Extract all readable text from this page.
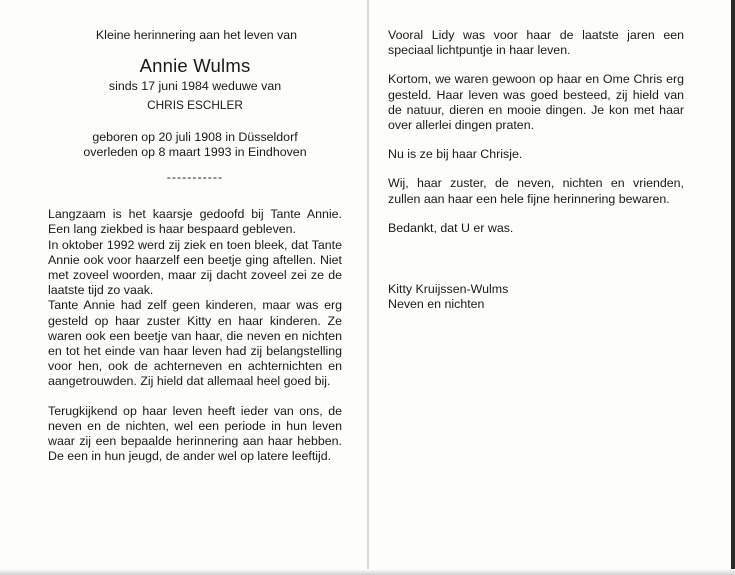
Kleine herinnering aan het leven van

Annie Wulms

sinds 17 juni 1984 weduwe van

CHRIS ESCHLER

geboren op 20 juli 1908 in Düsseldorf
overleden op 8 maart 1993 in Eindhoven

-----------

Langzaam is het kaarsje gedoofd bij Tante Annie. Een lang ziekbed is haar bespaard gebleven.

In oktober 1992 werd zij ziek en toen bleek, dat Tante Annie ook voor haarzelf een beetje ging aftellen. Niet met zoveel woorden, maar zij dacht zoveel zei ze de laatste tijd zo vaak.

Tante Annie had zelf geen kinderen, maar was erg gesteld op haar zuster Kitty en haar kinderen. Ze waren ook een beetje van haar, die neven en nichten en tot het einde van haar leven had zij belangstelling voor hen, ook de achterneven en achternichten en aangetrouwden. Zij hield dat allemaal heel goed bij.

Terugkijkend op haar leven heeft ieder van ons, de neven en de nichten, wel een periode in hun leven waar zij een bepaalde herinnering aan haar hebben. De een in hun jeugd, de ander wel op latere leeftijd.

Vooral Lidy was voor haar de laatste jaren een speciaal lichtpuntje in haar leven.

Kortom, we waren gewoon op haar en Ome Chris erg gesteld. Haar leven was goed besteed, zij hield van de natuur, dieren en mooie dingen. Je kon met haar over allerlei dingen praten.

Nu is ze bij haar Chrisje.

Wij, haar zuster, de neven, nichten en vrienden, zullen aan haar een hele fijne herinnering bewaren.

Bedankt, dat U er was.

Kitty Kruijssen-Wulms
Neven en nichten
